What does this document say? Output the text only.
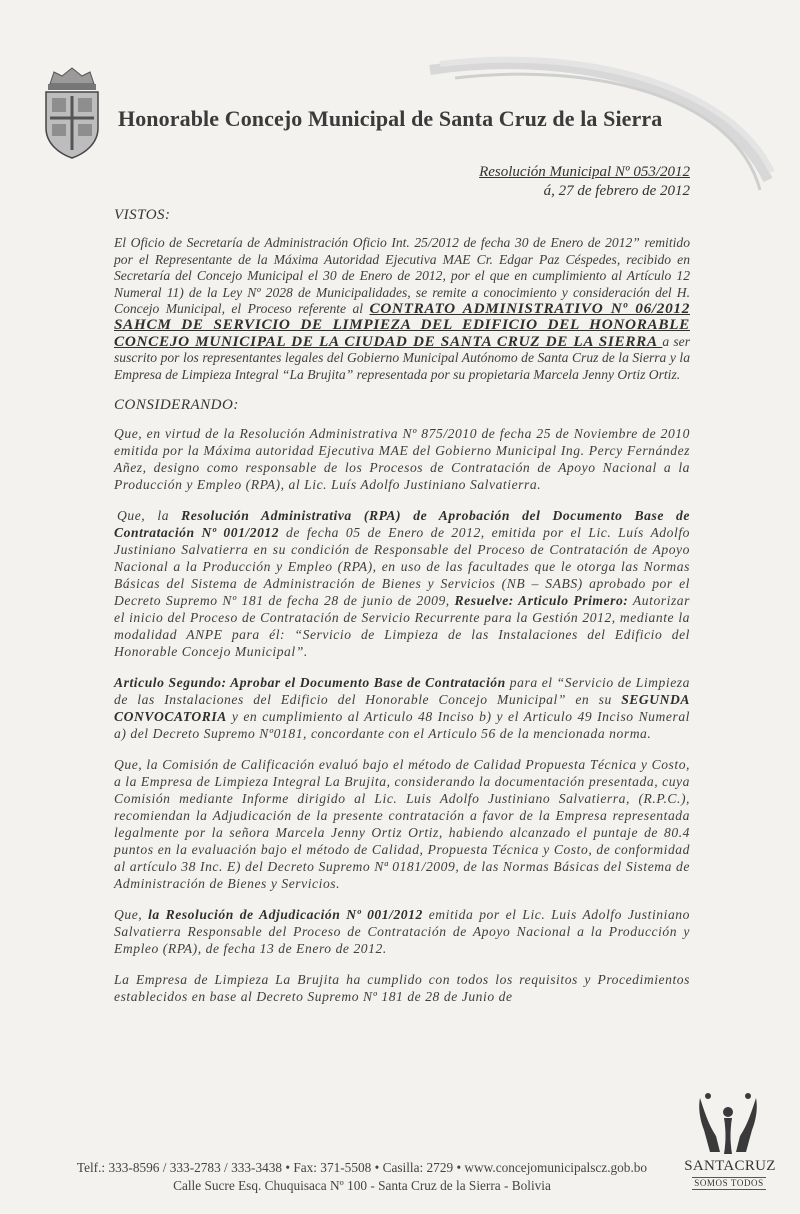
Honorable Concejo Municipal de Santa Cruz de la Sierra
Resolución Municipal Nº 053/2012
á, 27 de febrero de 2012
VISTOS:

El Oficio de Secretaría de Administración Oficio Int. 25/2012 de fecha 30 de Enero de 2012” remitido por el Representante de la Máxima Autoridad Ejecutiva MAE Cr. Edgar Paz Céspedes, recibido en Secretaría del Concejo Municipal el 30 de Enero de 2012, por el que en cumplimiento al Artículo 12 Numeral 11) de la Ley Nº 2028 de Municipalidades, se remite a conocimiento y consideración del H. Concejo Municipal, el Proceso referente al CONTRATO ADMINISTRATIVO Nº 06/2012 SAHCM DE SERVICIO DE LIMPIEZA DEL EDIFICIO DEL HONORABLE CONCEJO MUNICIPAL DE LA CIUDAD DE SANTA CRUZ DE LA SIERRA a ser suscrito por los representantes legales del Gobierno Municipal Autónomo de Santa Cruz de la Sierra y la Empresa de Limpieza Integral “La Brujita” representada por su propietaria Marcela Jenny Ortiz Ortiz.

CONSIDERANDO:

Que, en virtud de la Resolución Administrativa Nº 875/2010 de fecha 25 de Noviembre de 2010 emitida por la Máxima autoridad Ejecutiva MAE del Gobierno Municipal Ing. Percy Fernández Añez, designo como responsable de los Procesos de Contratación de Apoyo Nacional a la Producción y Empleo (RPA), al Lic. Luís Adolfo Justiniano Salvatierra.

Que, la Resolución Administrativa (RPA) de Aprobación del Documento Base de Contratación Nº 001/2012 de fecha 05 de Enero de 2012, emitida por el Lic. Luís Adolfo Justiniano Salvatierra en su condición de Responsable del Proceso de Contratación de Apoyo Nacional a la Producción y Empleo (RPA), en uso de las facultades que le otorga las Normas Básicas del Sistema de Administración de Bienes y Servicios (NB – SABS) aprobado por el Decreto Supremo Nº 181 de fecha 28 de junio de 2009, Resuelve: Articulo Primero: Autorizar el inicio del Proceso de Contratación de Servicio Recurrente para la Gestión 2012, mediante la modalidad ANPE para él: “Servicio de Limpieza de las Instalaciones del Edificio del Honorable Concejo Municipal”.

Articulo Segundo: Aprobar el Documento Base de Contratación para el “Servicio de Limpieza de las Instalaciones del Edificio del Honorable Concejo Municipal” en su SEGUNDA CONVOCATORIA y en cumplimiento al Articulo 48 Inciso b) y el Articulo 49 Inciso Numeral a) del Decreto Supremo Nº0181, concordante con el Articulo 56 de la mencionada norma.

Que, la Comisión de Calificación evaluó bajo el método de Calidad Propuesta Técnica y Costo, a la Empresa de Limpieza Integral La Brujita, considerando la documentación presentada, cuya Comisión mediante Informe dirigido al Lic. Luis Adolfo Justiniano Salvatierra, (R.P.C.), recomiendan la Adjudicación de la presente contratación a favor de la Empresa representada legalmente por la señora Marcela Jenny Ortiz Ortiz, habiendo alcanzado el puntaje de 80.4 puntos en la evaluación bajo el método de Calidad, Propuesta Técnica y Costo, de conformidad al artículo 38 Inc. E) del Decreto Supremo Nª 0181/2009, de las Normas Básicas del Sistema de Administración de Bienes y Servicios.

Que, la Resolución de Adjudicación Nº 001/2012 emitida por el Lic. Luis Adolfo Justiniano Salvatierra Responsable del Proceso de Contratación de Apoyo Nacional a la Producción y Empleo (RPA), de fecha 13 de Enero de 2012.

La Empresa de Limpieza La Brujita ha cumplido con todos los requisitos y Procedimientos establecidos en base al Decreto Supremo Nº 181 de 28 de Junio de

Telf.: 333-8596 / 333-2783 / 333-3438 • Fax: 371-5508 • Casilla: 2729 • www.concejomunicipalscz.gob.bo
Calle Sucre Esq. Chuquisaca Nº 100 - Santa Cruz de la Sierra - Bolivia
SANTACRUZ
SOMOS TODOS
